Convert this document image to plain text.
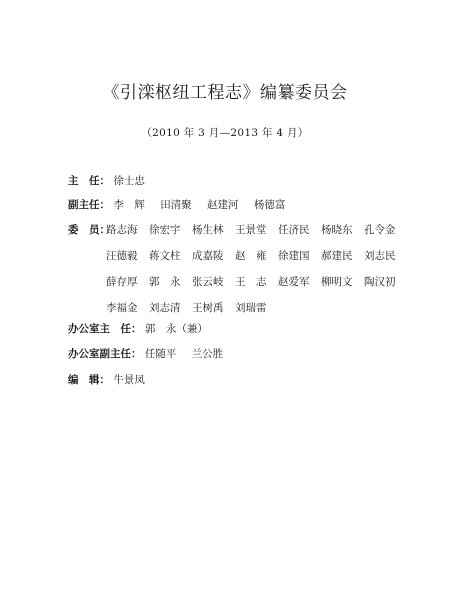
《引滦枢纽工程志》编纂委员会
（2010 年 3 月—2013 年 4 月）
主　任： 徐士忠
副主任： 李　辉 田清聚 赵建河 杨德富
委　员：
路志海	徐宏宇	杨生林	王景堂	任济民	杨晓东	孔令金
汪德毅	蒋文柱	成嘉陵	赵　雍	徐建国	郝建民	刘志民
薛存厚	郭　永	张云岐	王　志	赵爱军	柳明文	陶汉初
李福金	刘志清	王树禹	刘瑞雷
办公室主　任： 郭　永（兼）
办公室副主任： 任随平 兰公胜
编　辑： 牛景凤
